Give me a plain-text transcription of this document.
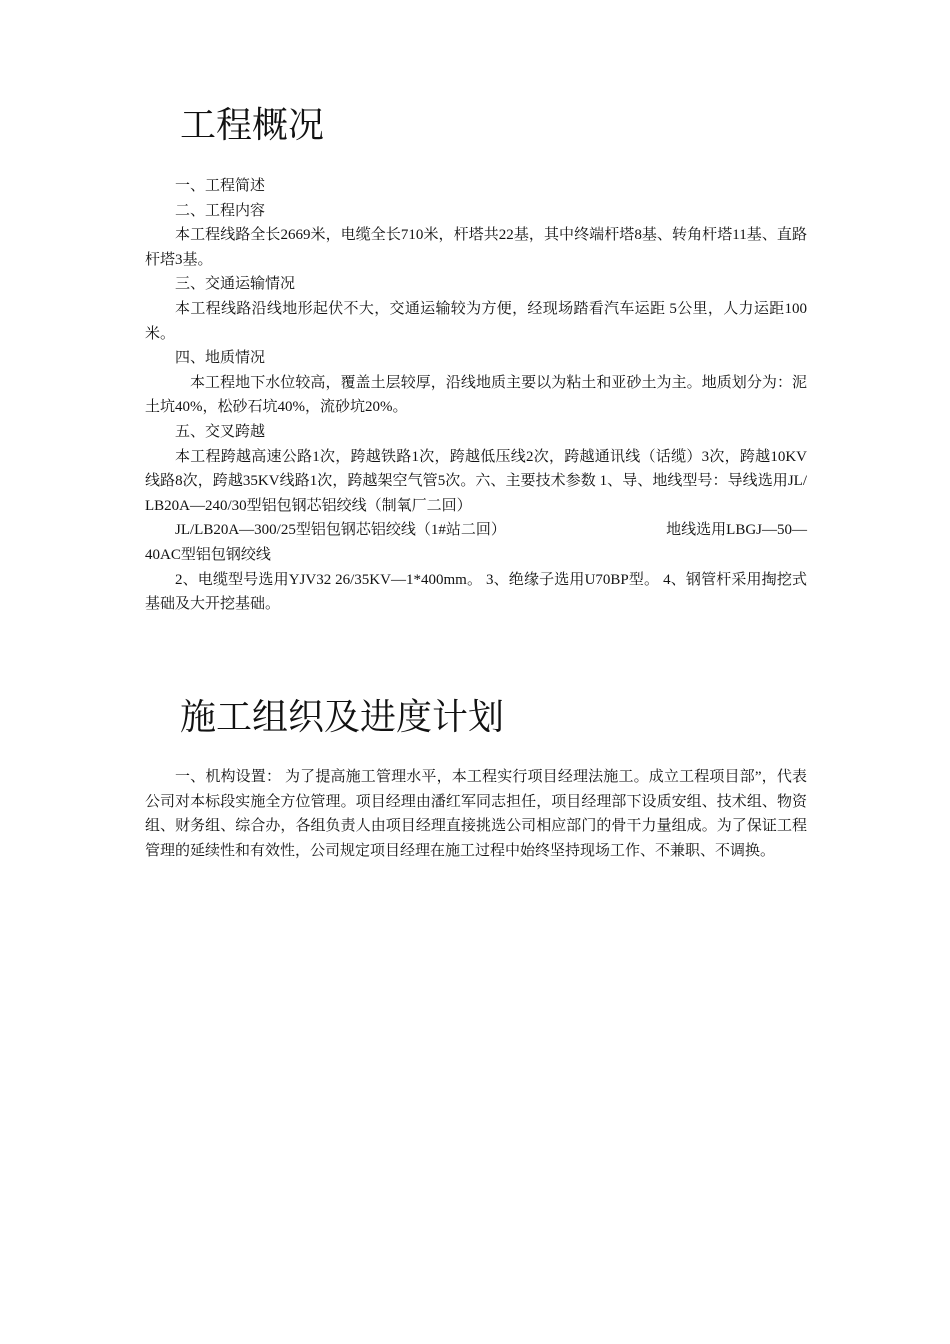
工程概况

一、工程简述

二、工程内容

本工程线路全长2669米，电缆全长710米，杆塔共22基，其中终端杆塔8基、转角杆塔11基、直路杆塔3基。

三、交通运输情况

本工程线路沿线地形起伏不大，交通运输较为方便，经现场踏看汽车运距 5公里，人力运距100米。

四、地质情况

本工程地下水位较高，覆盖土层较厚，沿线地质主要以为粘土和亚砂土为主。地质划分为：泥土坑40%，松砂石坑40%，流砂坑20%。

五、交叉跨越

本工程跨越高速公路1次，跨越铁路1次，跨越低压线2次，跨越通讯线（话缆）3次，跨越10KV线路8次，跨越35KV线路1次，跨越架空气管5次。六、主要技术参数 1、导、地线型号：导线选用JL/LB20A—240/30型铝包钢芯铝绞线（制氧厂二回）

JL/LB20A—300/25型铝包钢芯铝绞线（1#站二回）	地线选用LBGJ—50—

40AC型铝包钢绞线

2、电缆型号选用YJV32 26/35KV—1*400mm。 3、绝缘子选用U70BP型。 4、钢管杆采用掏挖式基础及大开挖基础。

施工组织及进度计划

一、机构设置： 为了提高施工管理水平，本工程实行项目经理法施工。成立工程项目部”，代表公司对本标段实施全方位管理。项目经理由潘红军同志担任，项目经理部下设质安组、技术组、物资组、财务组、综合办，各组负责人由项目经理直接挑选公司相应部门的骨干力量组成。为了保证工程管理的延续性和有效性，公司规定项目经理在施工过程中始终坚持现场工作、不兼职、不调换。
